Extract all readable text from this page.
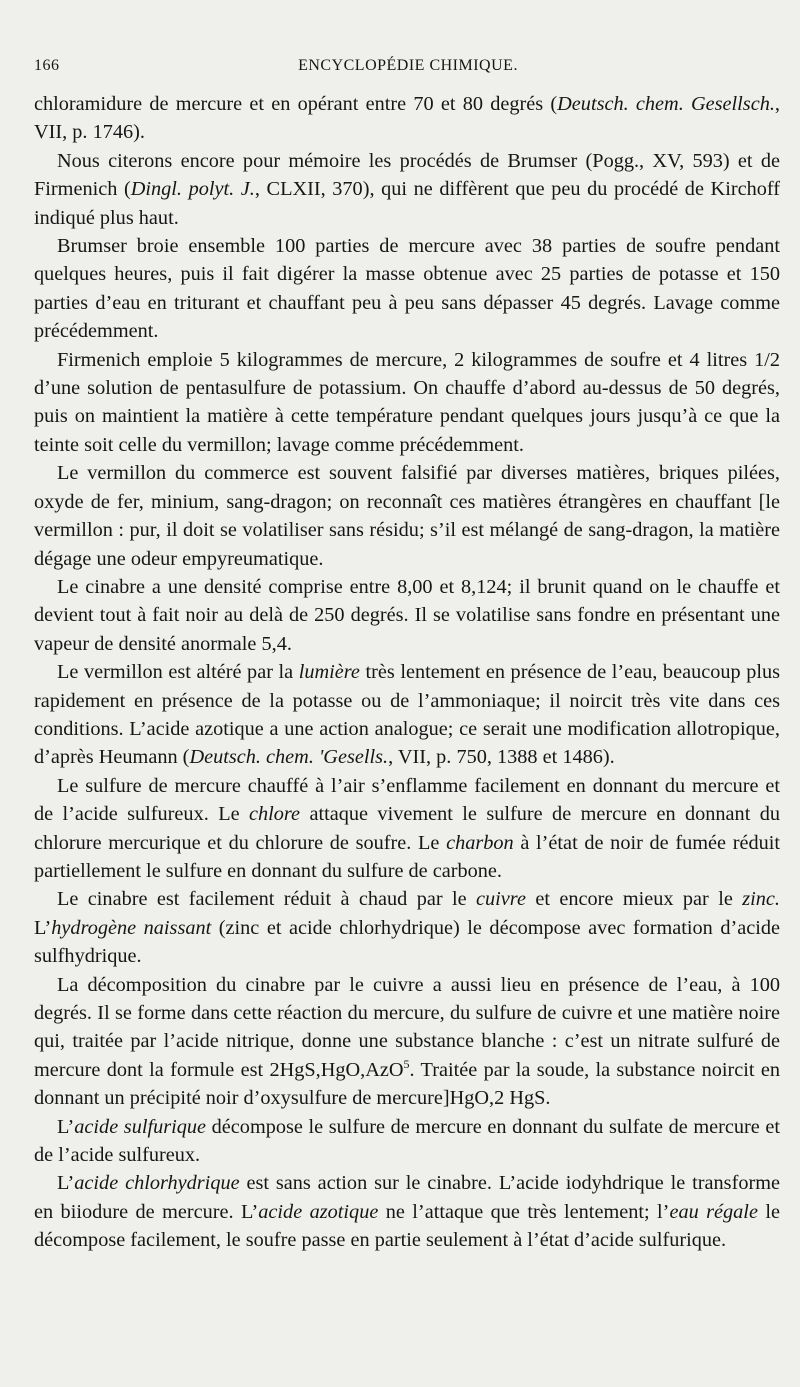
166	ENCYCLOPÉDIE CHIMIQUE.

chloramidure de mercure et en opérant entre 70 et 80 degrés (Deutsch. chem. Gesellsch., VII, p. 1746).

Nous citerons encore pour mémoire les procédés de Brumser (Pogg., XV, 593) et de Firmenich (Dingl. polyt. J., CLXII, 370), qui ne diffèrent que peu du procédé de Kirchoff indiqué plus haut.

Brumser broie ensemble 100 parties de mercure avec 38 parties de soufre pendant quelques heures, puis il fait digérer la masse obtenue avec 25 parties de potasse et 150 parties d’eau en triturant et chauffant peu à peu sans dépasser 45 degrés. Lavage comme précédemment.

Firmenich emploie 5 kilogrammes de mercure, 2 kilogrammes de soufre et 4 litres 1/2 d’une solution de pentasulfure de potassium. On chauffe d’abord au-dessus de 50 degrés, puis on maintient la matière à cette température pendant quelques jours jusqu’à ce que la teinte soit celle du vermillon; lavage comme précédemment.

Le vermillon du commerce est souvent falsifié par diverses matières, briques pilées, oxyde de fer, minium, sang-dragon; on reconnaît ces matières étrangères en chauffant [le vermillon : pur, il doit se volatiliser sans résidu; s’il est mélangé de sang-dragon, la matière dégage une odeur empyreumatique.

Le cinabre a une densité comprise entre 8,00 et 8,124; il brunit quand on le chauffe et devient tout à fait noir au delà de 250 degrés. Il se volatilise sans fondre en présentant une vapeur de densité anormale 5,4.

Le vermillon est altéré par la lumière très lentement en présence de l’eau, beaucoup plus rapidement en présence de la potasse ou de l’ammoniaque; il noircit très vite dans ces conditions. L’acide azotique a une action analogue; ce serait une modification allotropique, d’après Heumann (Deutsch. chem. 'Gesells., VII, p. 750, 1388 et 1486).

Le sulfure de mercure chauffé à l’air s’enflamme facilement en donnant du mercure et de l’acide sulfureux. Le chlore attaque vivement le sulfure de mercure en donnant du chlorure mercurique et du chlorure de soufre. Le charbon à l’état de noir de fumée réduit partiellement le sulfure en donnant du sulfure de carbone.

Le cinabre est facilement réduit à chaud par le cuivre et encore mieux par le zinc. L’hydrogène naissant (zinc et acide chlorhydrique) le décompose avec formation d’acide sulfhydrique.

La décomposition du cinabre par le cuivre a aussi lieu en présence de l’eau, à 100 degrés. Il se forme dans cette réaction du mercure, du sulfure de cuivre et une matière noire qui, traitée par l’acide nitrique, donne une substance blanche : c’est un nitrate sulfuré de mercure dont la formule est 2HgS,HgO,AzO$^5$. Traitée par la soude, la substance noircit en donnant un précipité noir d’oxysulfure de mercure]HgO,2 HgS.

L’acide sulfurique décompose le sulfure de mercure en donnant du sulfate de mercure et de l’acide sulfureux.

L’acide chlorhydrique est sans action sur le cinabre. L’acide iodyhdrique le transforme en biiodure de mercure. L’acide azotique ne l’attaque que très lentement; l’eau régale le décompose facilement, le soufre passe en partie seulement à l’état d’acide sulfurique.
